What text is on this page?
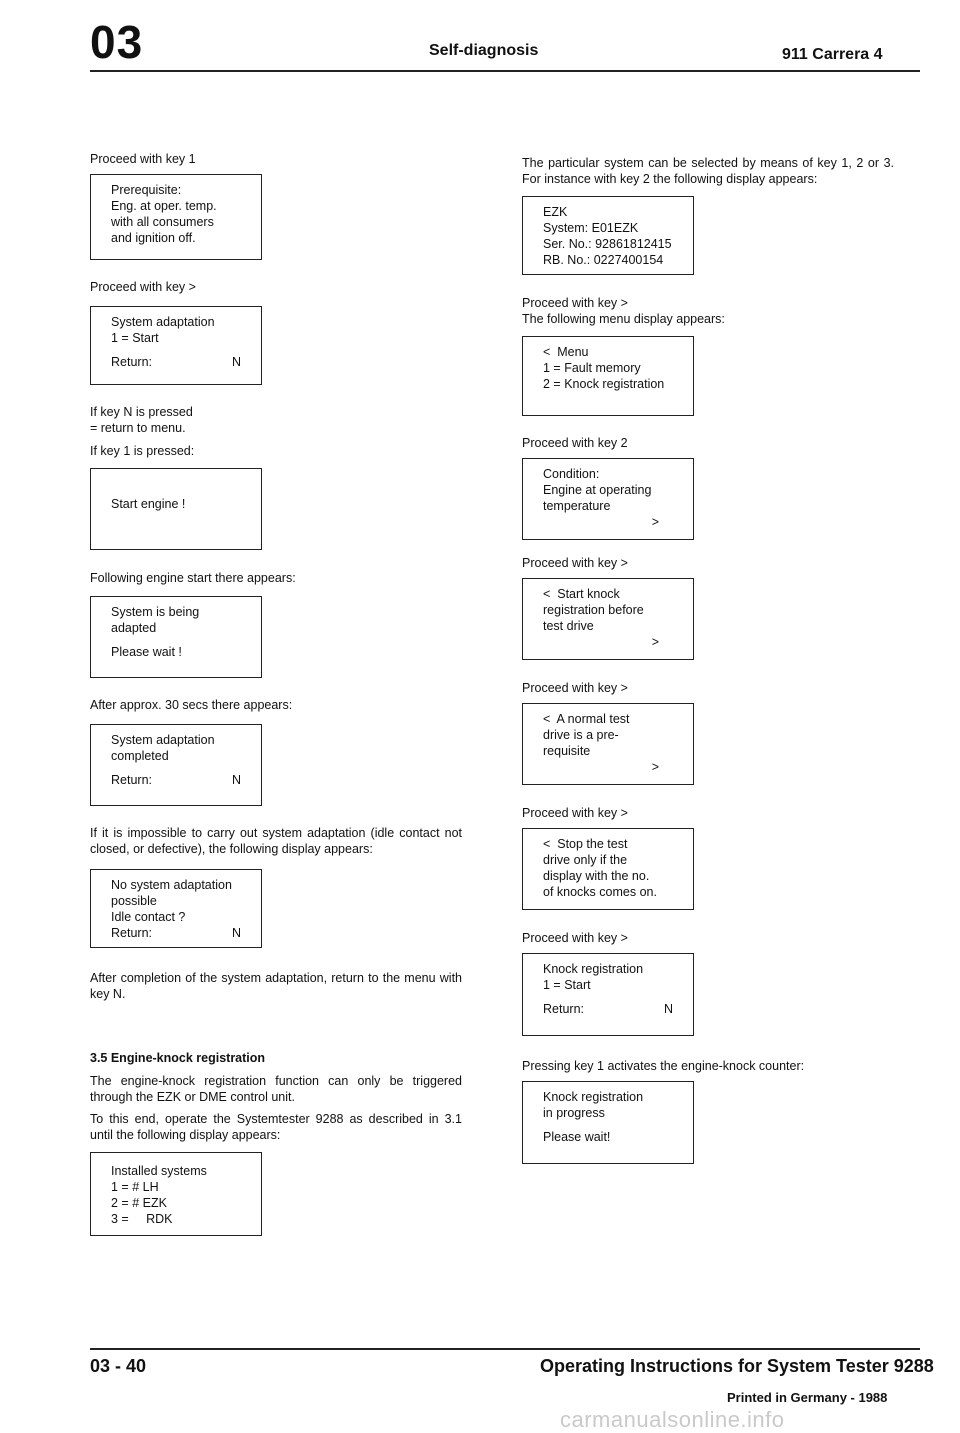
03	Self-diagnosis	911 Carrera 4
Proceed with key 1
Prerequisite:
Eng. at oper. temp.
with all consumers
and ignition off.
Proceed with key >
System adaptation
1 = Start
Return:	N
If key N is pressed
= return to menu.
If key 1 is pressed:
Start engine !
Following engine start there appears:
System is being
adapted
Please wait !
After approx. 30 secs there appears:
System adaptation
completed
Return:	N
If it is impossible to carry out system adaptation (idle contact not closed, or defective), the following display appears:
No system adaptation
possible
Idle contact ?
Return:	N
After completion of the system adaptation, return to the menu with key N.
3.5 Engine-knock registration
The engine-knock registration function can only be triggered through the EZK or DME control unit.
To this end, operate the Systemtester 9288 as described in 3.1 until the following display appears:
Installed systems
1 = # LH
2 = # EZK
3 =     RDK
The particular system can be selected by means of key 1, 2 or 3. For instance with key 2 the following display appears:
EZK
System: E01EZK
Ser. No.: 92861812415
RB. No.: 0227400154
Proceed with key >
The following menu display appears:
<  Menu
1 = Fault memory
2 = Knock registration
Proceed with key 2
Condition:
Engine at operating
temperature
>
Proceed with key >
<  Start knock
registration before
test drive
>
Proceed with key >
<  A normal test
drive is a pre-
requisite
>
Proceed with key >
<  Stop the test
drive only if the
display with the no.
of knocks comes on.
Proceed with key >
Knock registration
1 = Start
Return:	N
Pressing key 1 activates the engine-knock counter:
Knock registration
in progress
Please wait!
03 - 40	Operating Instructions for System Tester 9288
Printed in Germany - 1988
carmanualsonline.info
